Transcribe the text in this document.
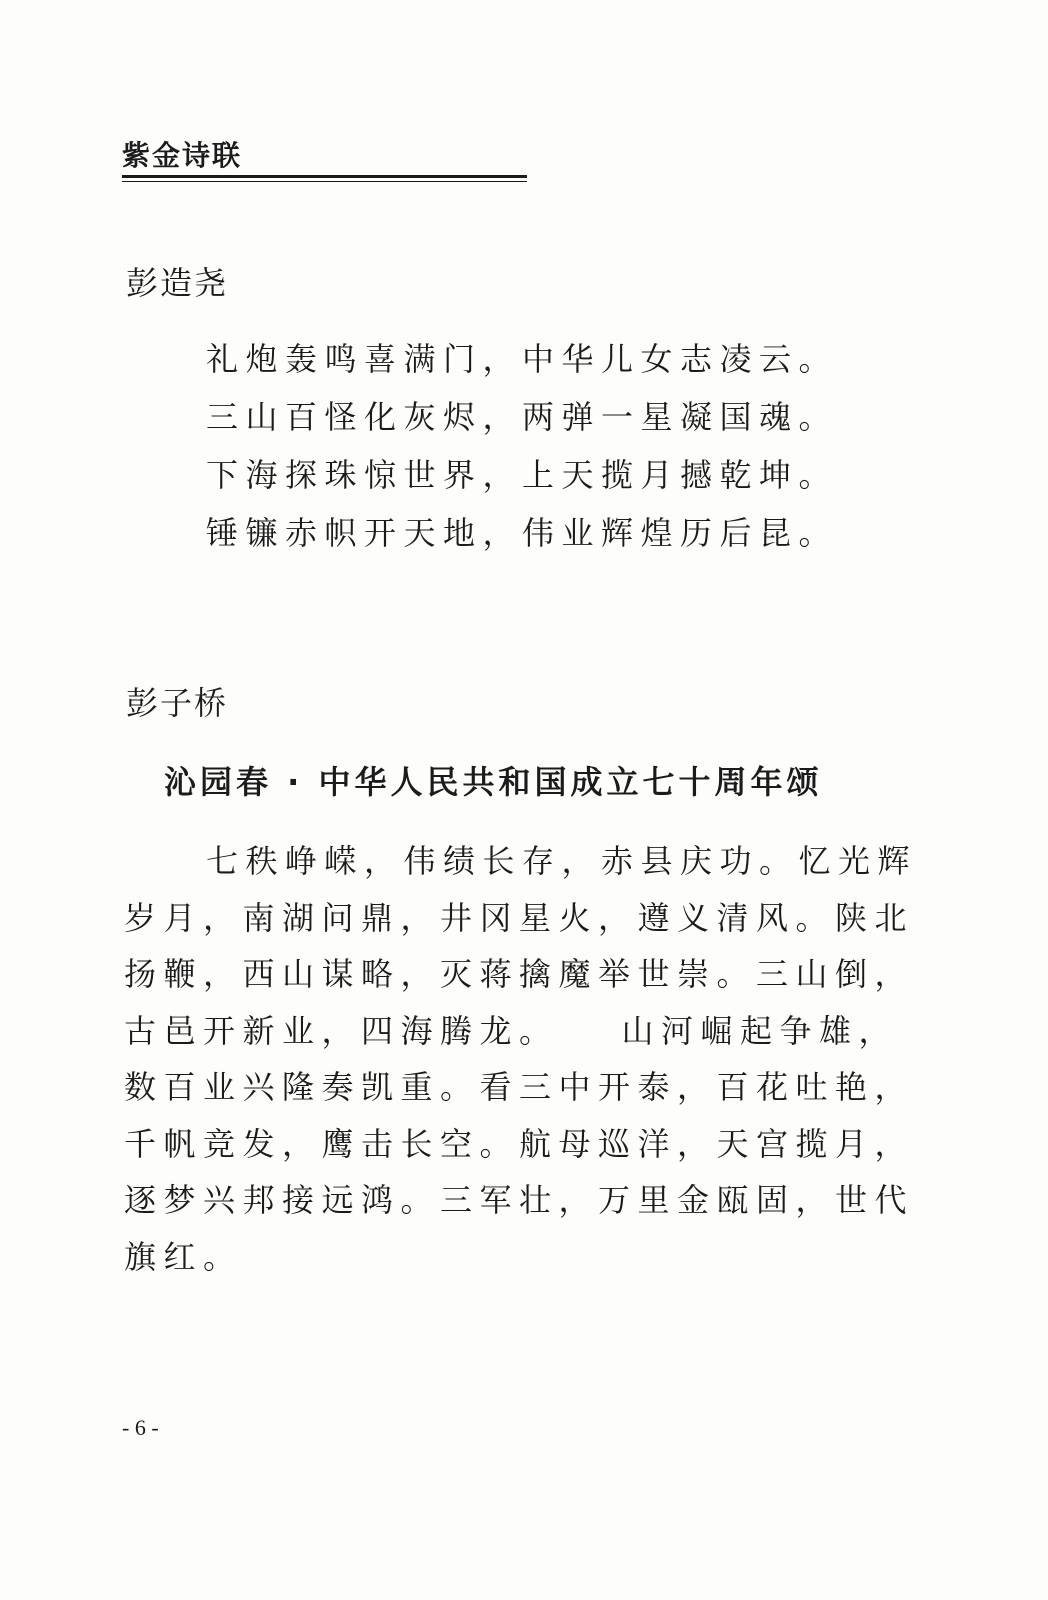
紫金诗联
彭造尧
礼炮轰鸣喜满门，中华儿女志凌云。
三山百怪化灰烬，两弹一星凝国魂。
下海探珠惊世界，上天揽月撼乾坤。
锤镰赤帜开天地，伟业辉煌历后昆。
彭子桥
沁园春 · 中华人民共和国成立七十周年颂
七秩峥嵘，伟绩长存，赤县庆功。忆光辉
岁月，南湖问鼎，井冈星火，遵义清风。陕北
扬鞭，西山谋略，灭蒋擒魔举世崇。三山倒，
古邑开新业，四海腾龙。　　山河崛起争雄，
数百业兴隆奏凯重。看三中开泰，百花吐艳，
千帆竞发，鹰击长空。航母巡洋，天宫揽月，
逐梦兴邦接远鸿。三军壮，万里金瓯固，世代
旗红。
- 6 -
